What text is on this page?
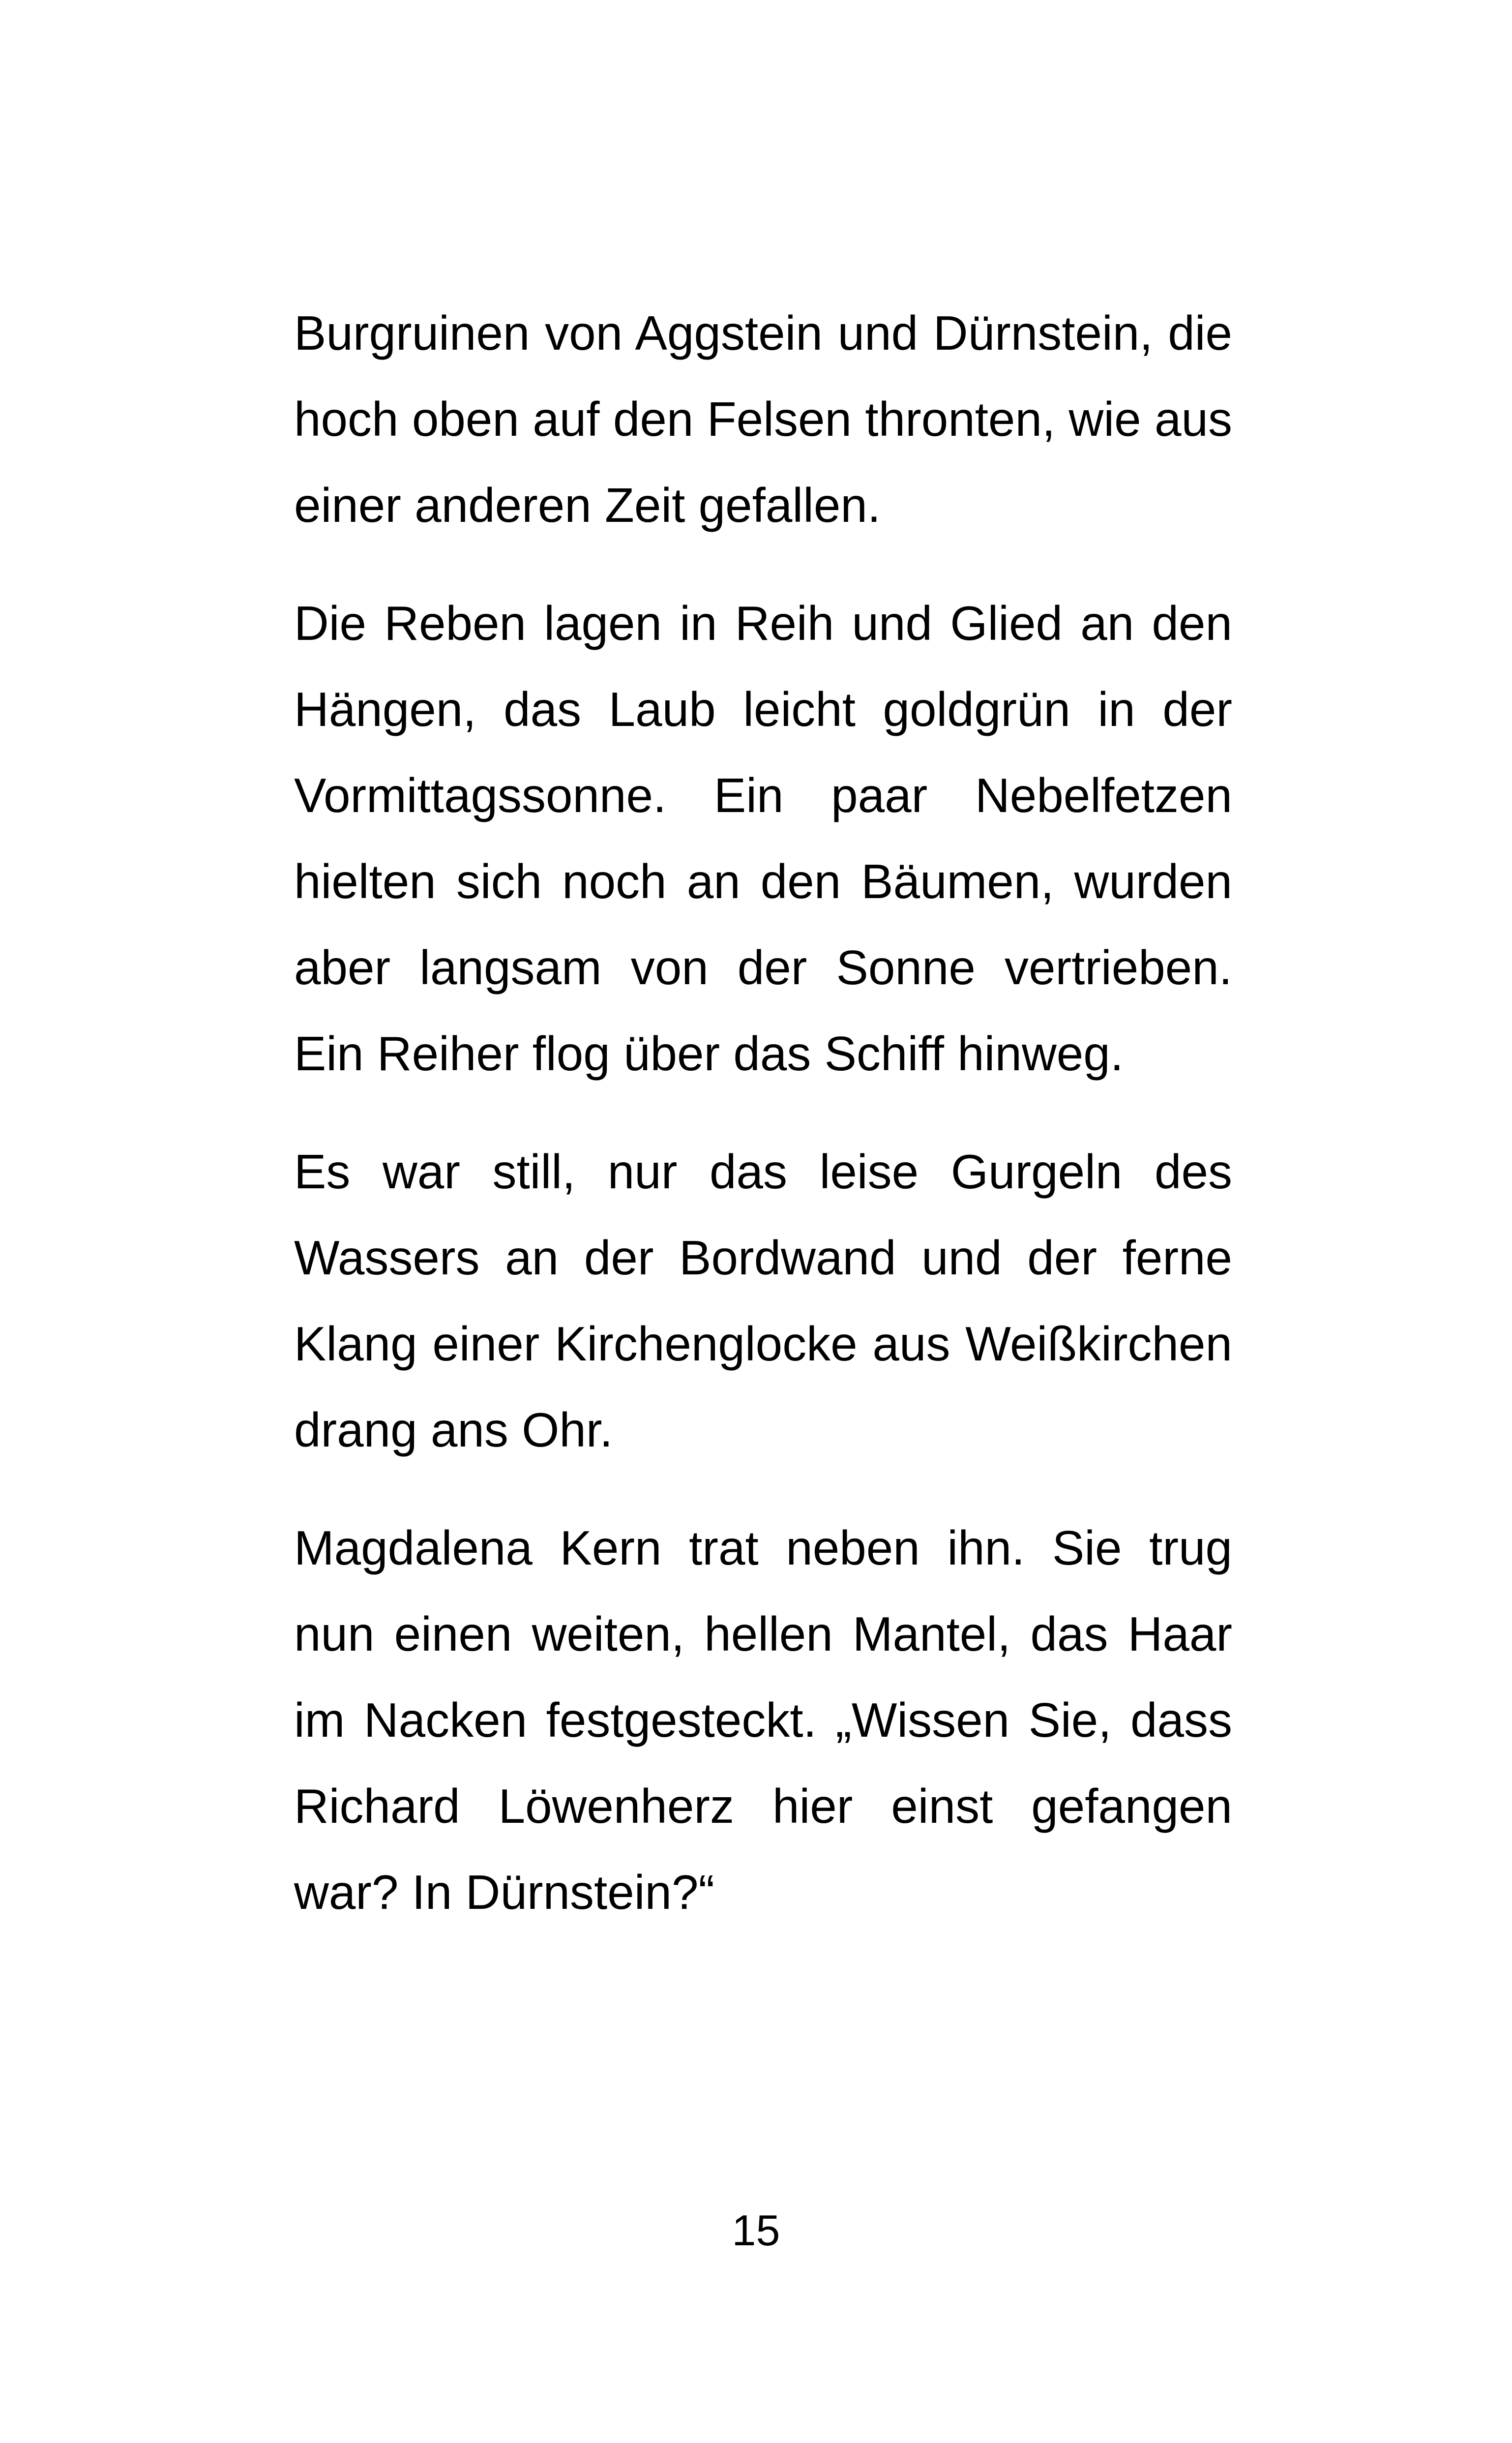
Burgruinen von Aggstein und Dürnstein, die hoch oben auf den Felsen thronten, wie aus einer anderen Zeit gefallen.

Die Reben lagen in Reih und Glied an den Hängen, das Laub leicht goldgrün in der Vormittagssonne. Ein paar Nebelfetzen hielten sich noch an den Bäumen, wurden aber langsam von der Sonne vertrieben. Ein Reiher flog über das Schiff hinweg.

Es war still, nur das leise Gurgeln des Wassers an der Bordwand und der ferne Klang einer Kirchenglocke aus Weißkirchen drang ans Ohr.

Magdalena Kern trat neben ihn. Sie trug nun einen weiten, hellen Mantel, das Haar im Nacken festgesteckt. „Wissen Sie, dass Richard Löwenherz hier einst gefangen war? In Dürnstein?“

15
